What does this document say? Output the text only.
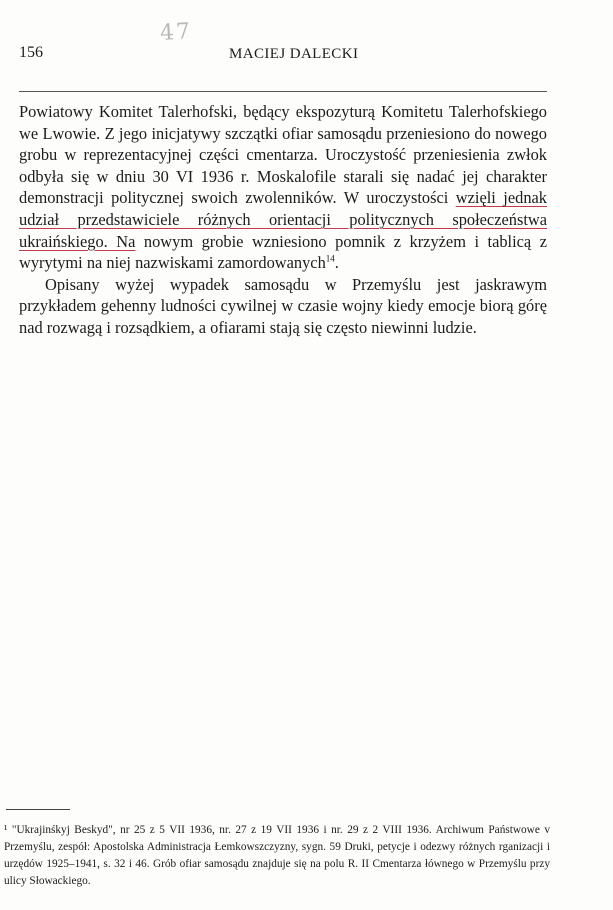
47
156	MACIEJ DALECKI

Powiatowy Komitet Talerhofski, będący ekspozyturą Komitetu Talerhofskiego we Lwowie. Z jego inicjatywy szczątki ofiar samosądu przeniesiono do nowego grobu w reprezentacyjnej części cmentarza. Uroczystość przeniesienia zwłok odbyła się w dniu 30 VI 1936 r. Moskalofile starali się nadać jej charakter demonstracji politycznej swoich zwolenników. W uroczystości wzięli jednak udział przedstawiciele różnych orientacji politycznych społeczeństwa ukraińskiego. Na nowym grobie wzniesiono pomnik z krzyżem i tablicą z wyrytymi na niej nazwiskami zamordowanych$^{14}$.

Opisany wyżej wypadek samosądu w Przemyślu jest jaskrawym przykładem gehenny ludności cywilnej w czasie wojny kiedy emocje biorą górę nad rozwagą i rozsądkiem, a ofiarami stają się często niewinni ludzie.

¹ "Ukrajinśkyj Beskyd", nr 25 z 5 VII 1936, nr. 27 z 19 VII 1936 i nr. 29 z 2 VIII 1936. Archiwum Państwowe v Przemyślu, zespół: Apostolska Administracja Łemkowszczyzny, sygn. 59 Druki, petycje i odezwy różnych rganizacji i urzędów 1925–1941, s. 32 i 46. Grób ofiar samosądu znajduje się na polu R. II Cmentarza łównego w Przemyślu przy ulicy Słowackiego.
